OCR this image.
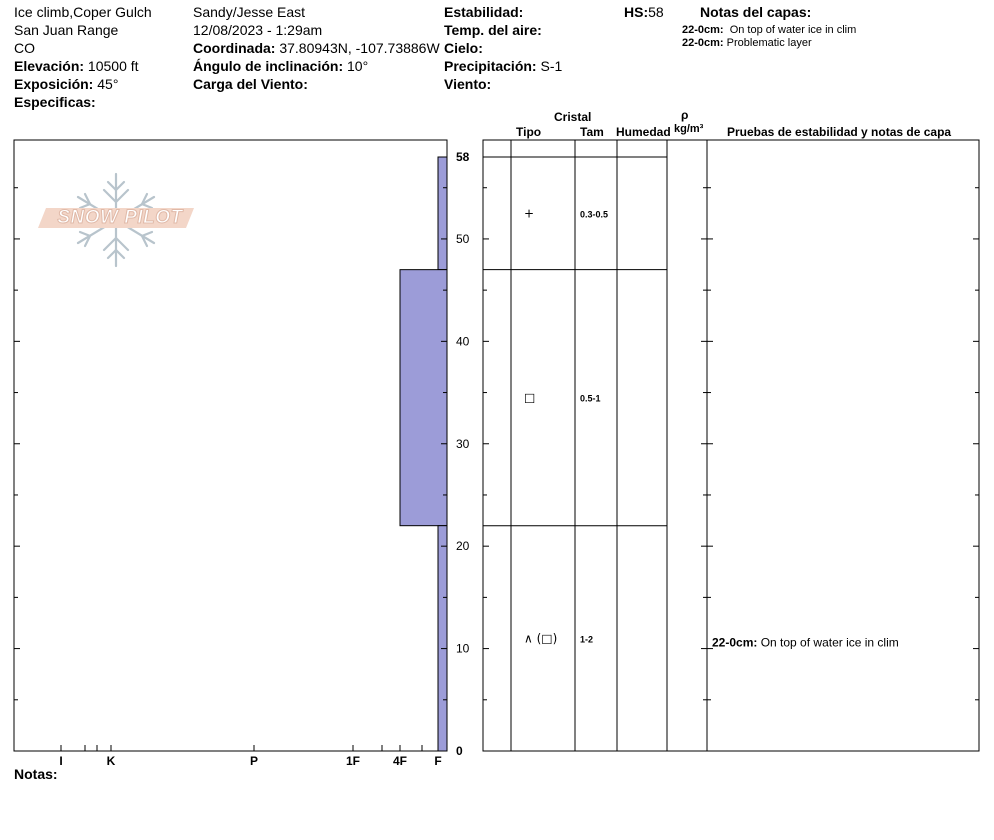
Ice climb,Coper Gulch
San Juan Range
CO
Elevación: 10500 ft
Exposición: 45°
Especificas:
Sandy/Jesse East
12/08/2023 - 1:29am
Coordinada: 37.80943N, -107.73886W
Ángulo de inclinación: 10°
Carga del Viento:
Estabilidad:
Temp. del aire:
Cielo:
Precipitación: S-1
Viento:
HS:58	Notas del capas:
22-0cm: On top of water ice in clim
22-0cm: Problematic layer
Cristal
Tipo	Tam Humedad
ρ
kg/m³ Pruebas de estabilidad y notas de capa
SNOW PILOT
0
10
20
30
40
50
58
I	K	P	1F	4F F
+	0.3-0.5
□	0.5-1
∧ (□)	1-2	22-0cm: On top of water ice in clim
Notas:
